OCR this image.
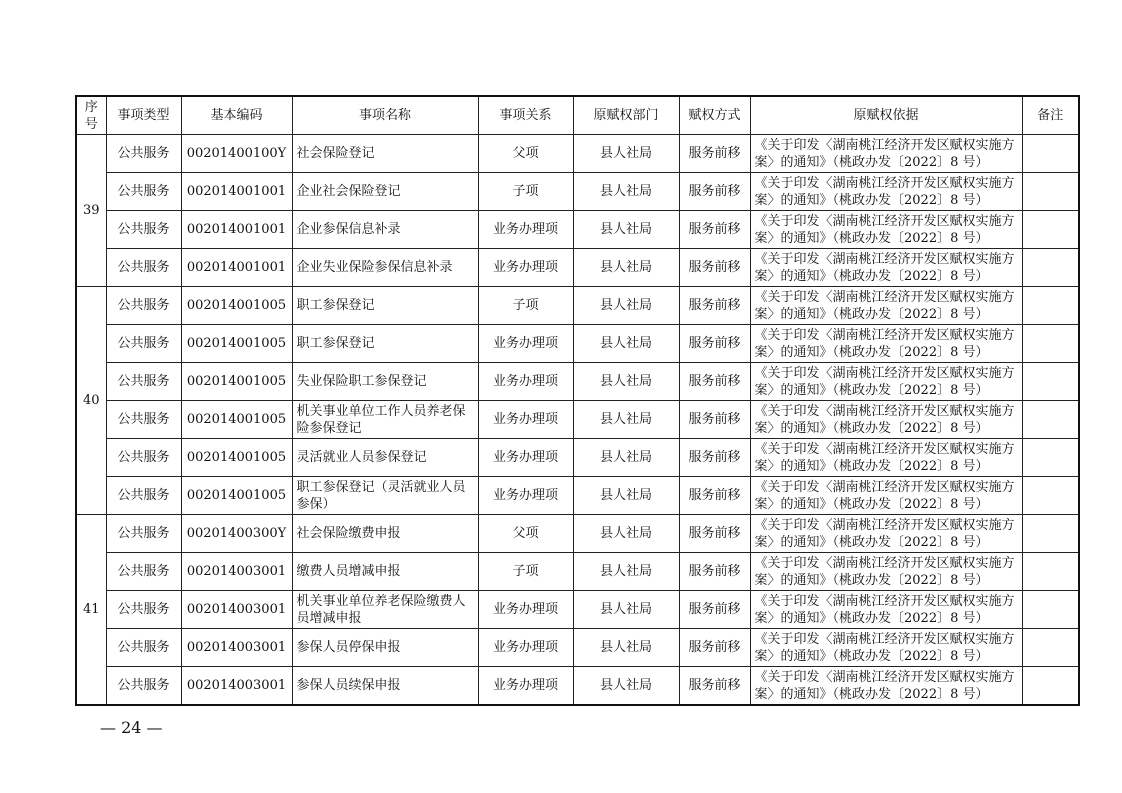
序号	事项类型	基本编码	事项名称	事项关系	原赋权部门	赋权方式	原赋权依据	备注
39	公共服务	00201400100Y	社会保险登记	父项	县人社局	服务前移	《关于印发〈湖南桃江经济开发区赋权实施方案〉的通知》（桃政办发〔2022〕8 号）	
	公共服务	002014001001	企业社会保险登记	子项	县人社局	服务前移	《关于印发〈湖南桃江经济开发区赋权实施方案〉的通知》（桃政办发〔2022〕8 号）	
	公共服务	002014001001	企业参保信息补录	业务办理项	县人社局	服务前移	《关于印发〈湖南桃江经济开发区赋权实施方案〉的通知》（桃政办发〔2022〕8 号）	
	公共服务	002014001001	企业失业保险参保信息补录	业务办理项	县人社局	服务前移	《关于印发〈湖南桃江经济开发区赋权实施方案〉的通知》（桃政办发〔2022〕8 号）	
40	公共服务	002014001005	职工参保登记	子项	县人社局	服务前移	《关于印发〈湖南桃江经济开发区赋权实施方案〉的通知》（桃政办发〔2022〕8 号）	
	公共服务	002014001005	职工参保登记	业务办理项	县人社局	服务前移	《关于印发〈湖南桃江经济开发区赋权实施方案〉的通知》（桃政办发〔2022〕8 号）	
	公共服务	002014001005	失业保险职工参保登记	业务办理项	县人社局	服务前移	《关于印发〈湖南桃江经济开发区赋权实施方案〉的通知》（桃政办发〔2022〕8 号）	
	公共服务	002014001005	机关事业单位工作人员养老保险参保登记	业务办理项	县人社局	服务前移	《关于印发〈湖南桃江经济开发区赋权实施方案〉的通知》（桃政办发〔2022〕8 号）	
	公共服务	002014001005	灵活就业人员参保登记	业务办理项	县人社局	服务前移	《关于印发〈湖南桃江经济开发区赋权实施方案〉的通知》（桃政办发〔2022〕8 号）	
	公共服务	002014001005	职工参保登记（灵活就业人员参保）	业务办理项	县人社局	服务前移	《关于印发〈湖南桃江经济开发区赋权实施方案〉的通知》（桃政办发〔2022〕8 号）	
41	公共服务	00201400300Y	社会保险缴费申报	父项	县人社局	服务前移	《关于印发〈湖南桃江经济开发区赋权实施方案〉的通知》（桃政办发〔2022〕8 号）	
	公共服务	002014003001	缴费人员增减申报	子项	县人社局	服务前移	《关于印发〈湖南桃江经济开发区赋权实施方案〉的通知》（桃政办发〔2022〕8 号）	
	公共服务	002014003001	机关事业单位养老保险缴费人员增减申报	业务办理项	县人社局	服务前移	《关于印发〈湖南桃江经济开发区赋权实施方案〉的通知》（桃政办发〔2022〕8 号）	
	公共服务	002014003001	参保人员停保申报	业务办理项	县人社局	服务前移	《关于印发〈湖南桃江经济开发区赋权实施方案〉的通知》（桃政办发〔2022〕8 号）	
	公共服务	002014003001	参保人员续保申报	业务办理项	县人社局	服务前移	《关于印发〈湖南桃江经济开发区赋权实施方案〉的通知》（桃政办发〔2022〕8 号）	
— 24 —
